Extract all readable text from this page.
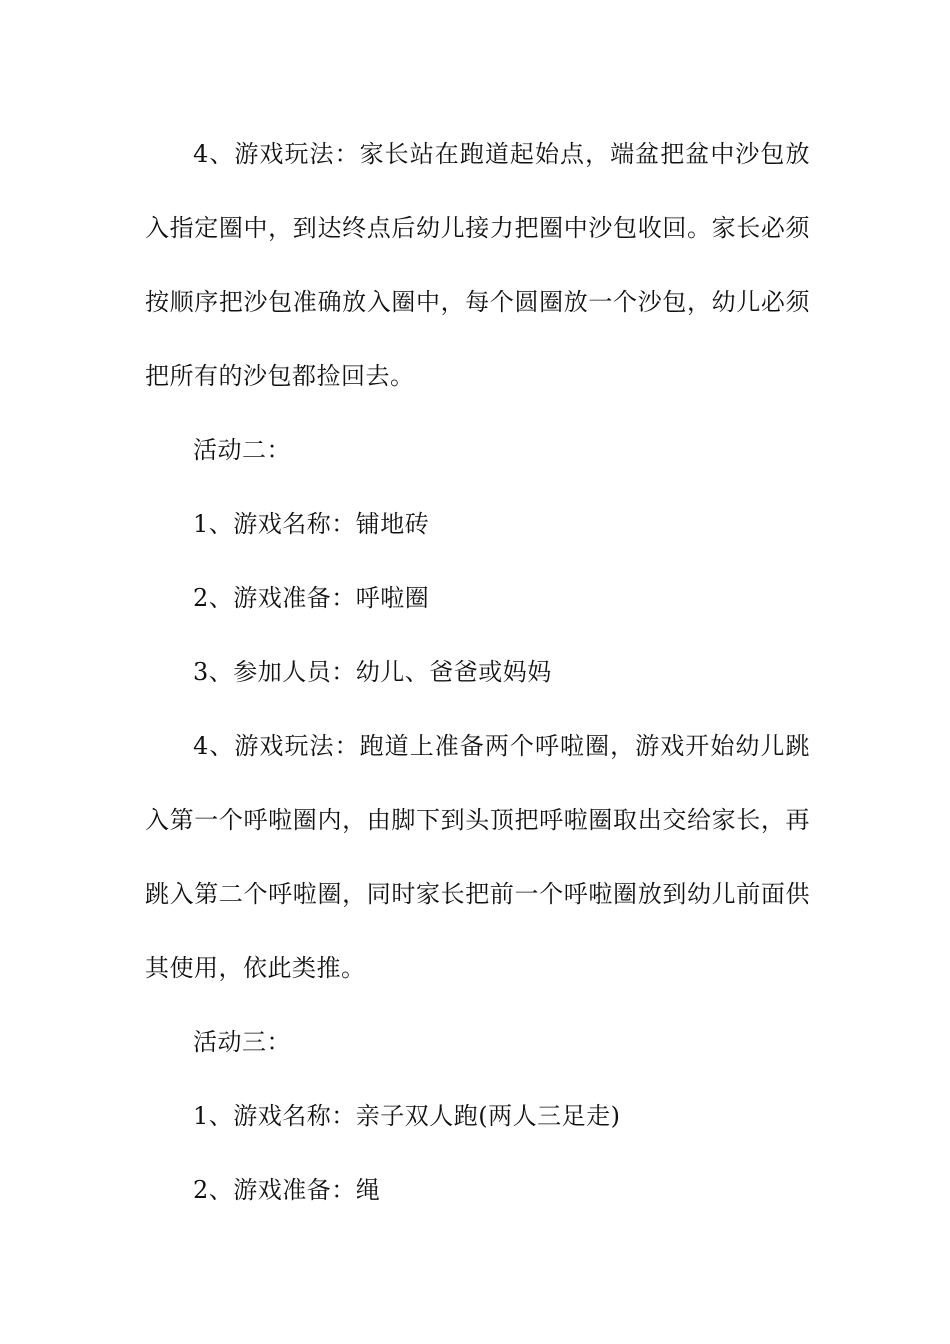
4、游戏玩法：家长站在跑道起始点，端盆把盆中沙包放入指定圈中，到达终点后幼儿接力把圈中沙包收回。家长必须按顺序把沙包准确放入圈中，每个圆圈放一个沙包，幼儿必须把所有的沙包都捡回去。

活动二：

1、游戏名称：铺地砖

2、游戏准备：呼啦圈

3、参加人员：幼儿、爸爸或妈妈

4、游戏玩法：跑道上准备两个呼啦圈，游戏开始幼儿跳入第一个呼啦圈内，由脚下到头顶把呼啦圈取出交给家长，再跳入第二个呼啦圈，同时家长把前一个呼啦圈放到幼儿前面供其使用，依此类推。

活动三：

1、游戏名称：亲子双人跑(两人三足走)

2、游戏准备：绳
